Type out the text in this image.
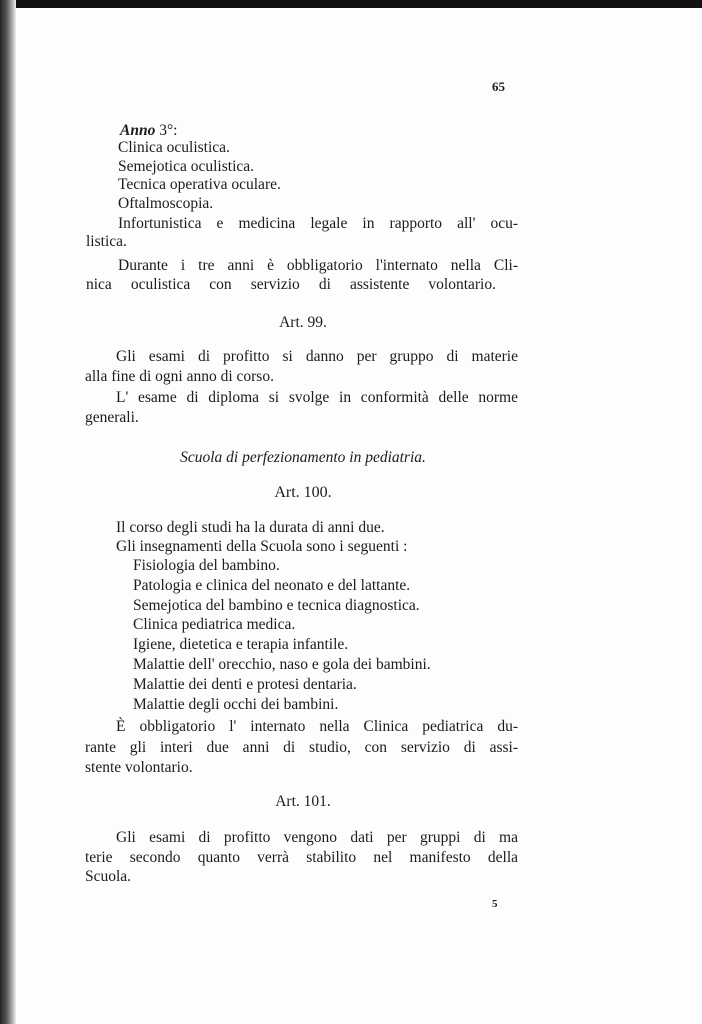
65
Anno 3°:
Clinica oculistica.
Semejotica oculistica.
Tecnica operativa oculare.
Oftalmoscopia.
Infortunistica e medicina legale in rapporto all' ocu-
listica.
Durante i tre anni è obbligatorio l'internato nella Cli-
nica oculistica con servizio di assistente volontario.
Art. 99.
Gli esami di profitto si danno per gruppo di materie
alla fine di ogni anno di corso.
L' esame di diploma si svolge in conformità delle norme
generali.
Scuola di perfezionamento in pediatria.
Art. 100.
Il corso degli studi ha la durata di anni due.
Gli insegnamenti della Scuola sono i seguenti :
Fisiologia del bambino.
Patologia e clinica del neonato e del lattante.
Semejotica del bambino e tecnica diagnostica.
Clinica pediatrica medica.
Igiene, dietetica e terapia infantile.
Malattie dell' orecchio, naso e gola dei bambini.
Malattie dei denti e protesi dentaria.
Malattie degli occhi dei bambini.
È obbligatorio l' internato nella Clinica pediatrica du-
rante gli interi due anni di studio, con servizio di assi-
stente volontario.
Art. 101.
Gli esami di profitto vengono dati per gruppi di ma
terie secondo quanto verrà stabilito nel manifesto della
Scuola.
5
